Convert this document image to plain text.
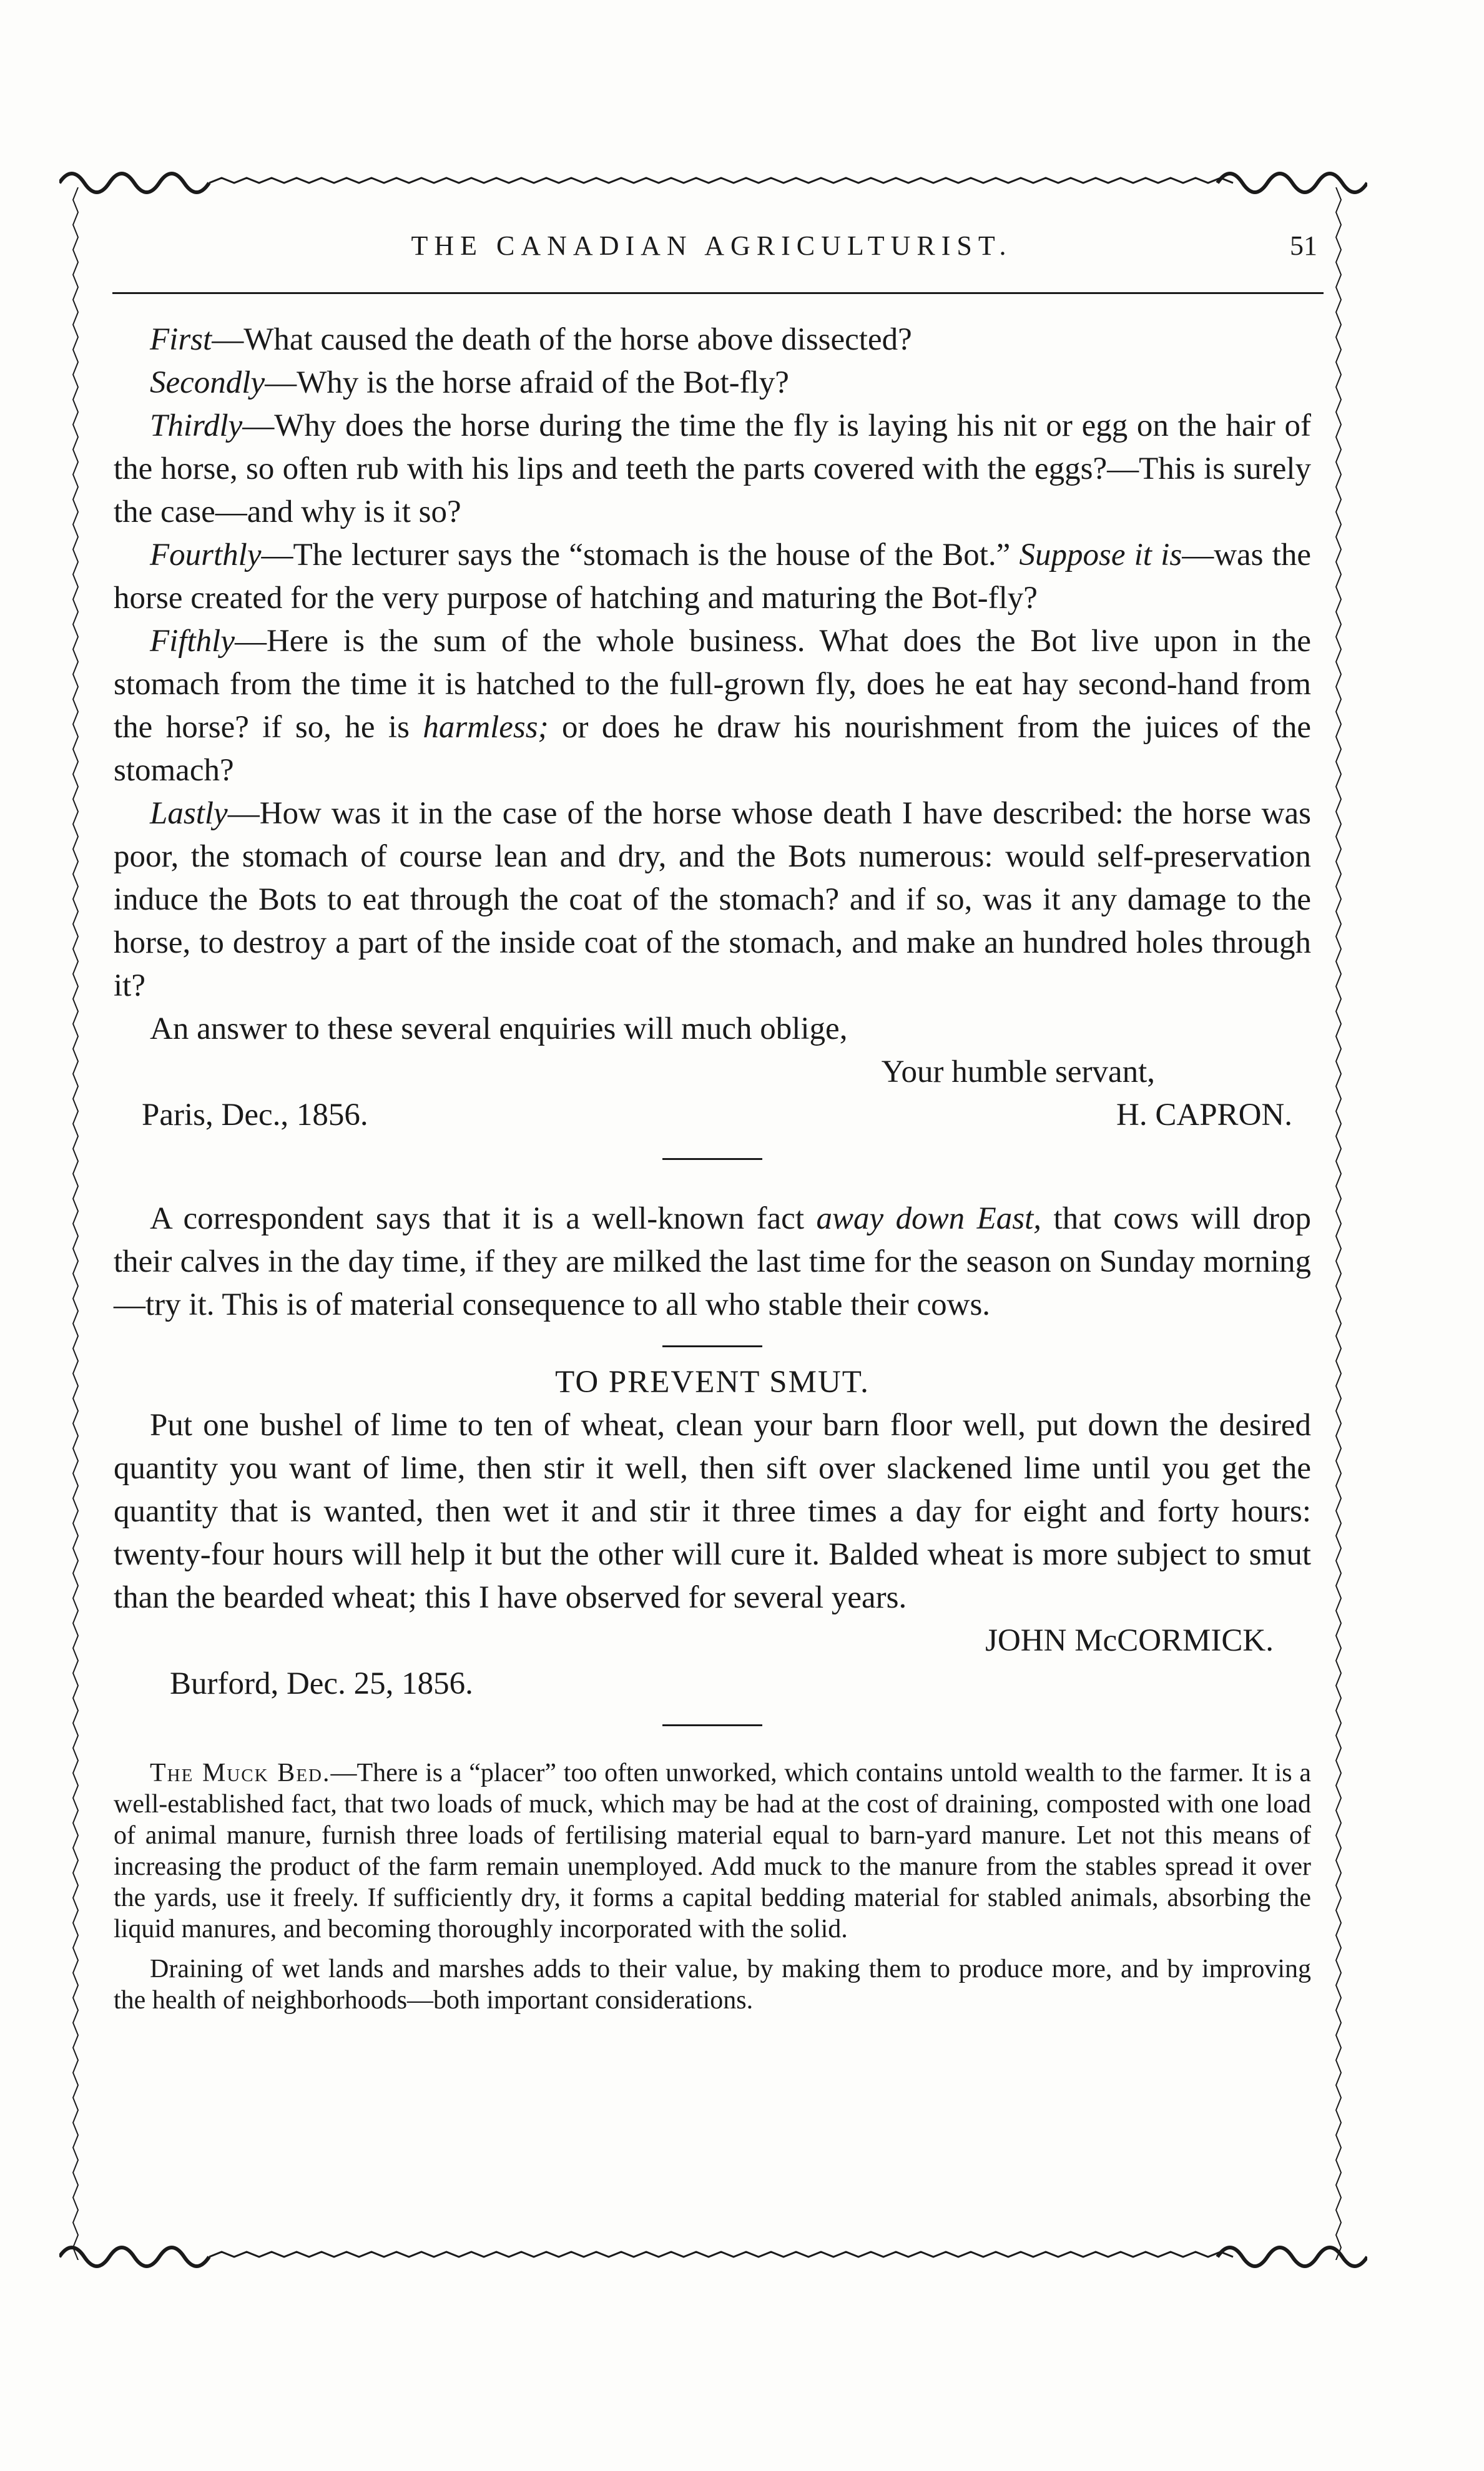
THE CANADIAN AGRICULTURIST.	51

First—What caused the death of the horse above dissected?

Secondly—Why is the horse afraid of the Bot-fly?

Thirdly—Why does the horse during the time the fly is laying his nit or egg on the hair of the horse, so often rub with his lips and teeth the parts covered with the eggs?—This is surely the case—and why is it so?

Fourthly—The lecturer says the “stomach is the house of the Bot.” Suppose it is—was the horse created for the very purpose of hatching and maturing the Bot-fly?

Fifthly—Here is the sum of the whole business. What does the Bot live upon in the stomach from the time it is hatched to the full-grown fly, does he eat hay second-hand from the horse? if so, he is harmless; or does he draw his nourishment from the juices of the stomach?

Lastly—How was it in the case of the horse whose death I have described: the horse was poor, the stomach of course lean and dry, and the Bots numerous: would self-preservation induce the Bots to eat through the coat of the stomach? and if so, was it any damage to the horse, to destroy a part of the inside coat of the stomach, and make an hundred holes through it?

An answer to these several enquiries will much oblige,

Your humble servant,

Paris, Dec., 1856.	H. CAPRON.

A correspondent says that it is a well-known fact away down East, that cows will drop their calves in the day time, if they are milked the last time for the season on Sunday morning—try it. This is of material consequence to all who stable their cows.

TO PREVENT SMUT.

Put one bushel of lime to ten of wheat, clean your barn floor well, put down the desired quantity you want of lime, then stir it well, then sift over slackened lime until you get the quantity that is wanted, then wet it and stir it three times a day for eight and forty hours: twenty-four hours will help it but the other will cure it. Balded wheat is more subject to smut than the bearded wheat; this I have observed for several years.

JOHN McCORMICK.

Burford, Dec. 25, 1856.

The Muck Bed.—There is a “placer” too often unworked, which contains untold wealth to the farmer. It is a well-established fact, that two loads of muck, which may be had at the cost of draining, composted with one load of animal manure, furnish three loads of fertilising material equal to barn-yard manure. Let not this means of increasing the product of the farm remain unemployed. Add muck to the manure from the stables spread it over the yards, use it freely. If sufficiently dry, it forms a capital bedding material for stabled animals, absorbing the liquid manures, and becoming thoroughly incorporated with the solid.

Draining of wet lands and marshes adds to their value, by making them to produce more, and by improving the health of neighborhoods—both important considerations.
